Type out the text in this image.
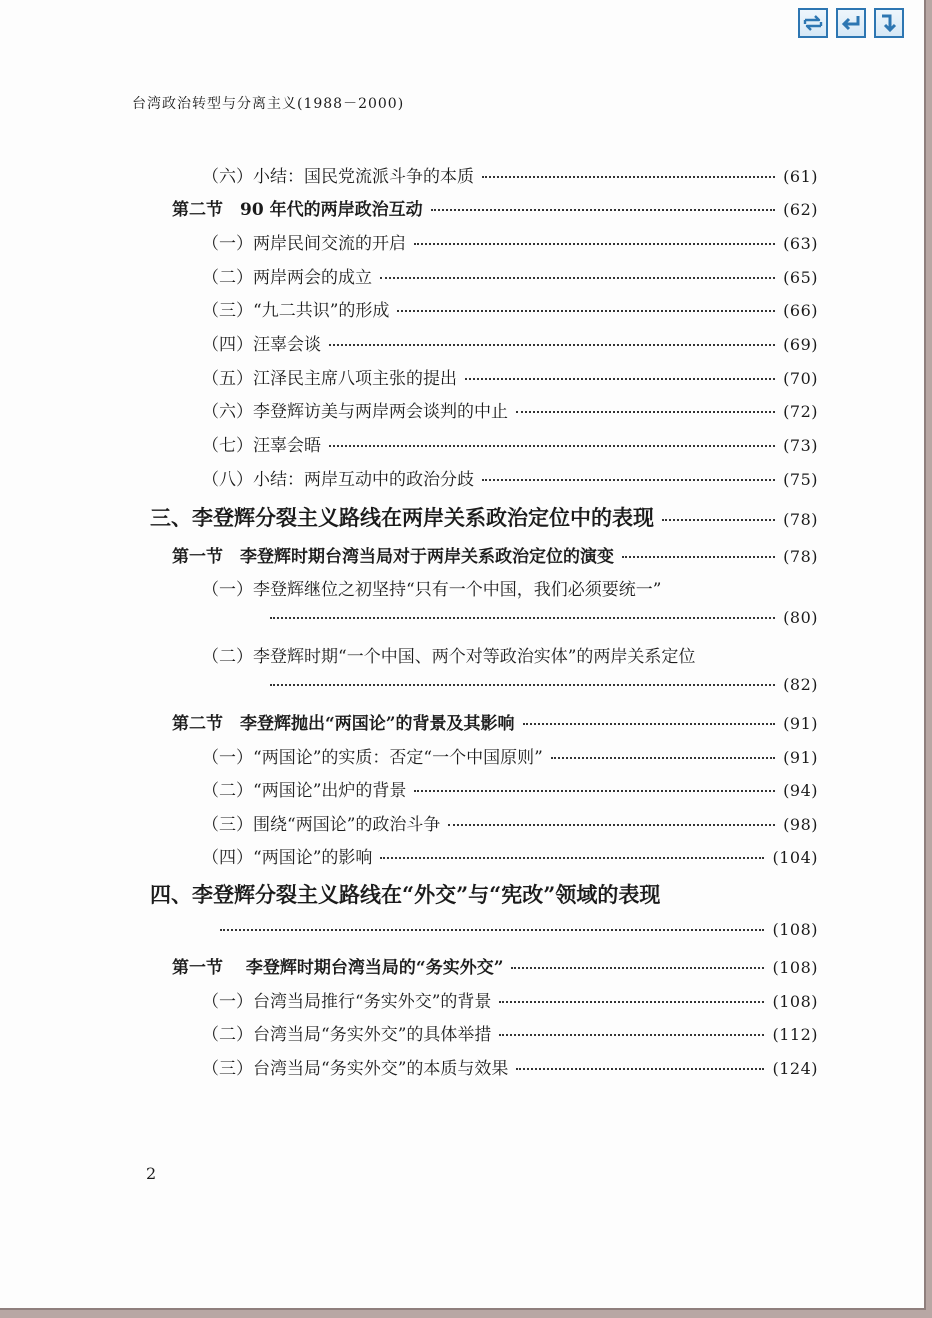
台湾政治转型与分离主义(1988－2000)
（六）小结：国民党流派斗争的本质	(61)
第二节　90 年代的两岸政治互动	(62)
（一）两岸民间交流的开启	(63)
（二）两岸两会的成立	(65)
（三）“九二共识”的形成	(66)
（四）汪辜会谈	(69)
（五）江泽民主席八项主张的提出	(70)
（六）李登辉访美与两岸两会谈判的中止	(72)
（七）汪辜会晤	(73)
（八）小结：两岸互动中的政治分歧	(75)
三、李登辉分裂主义路线在两岸关系政治定位中的表现	(78)
第一节　李登辉时期台湾当局对于两岸关系政治定位的演变	(78)
（一）李登辉继位之初坚持“只有一个中国，我们必须要统一”
(80)
（二）李登辉时期“一个中国、两个对等政治实体”的两岸关系定位
(82)
第二节　李登辉抛出“两国论”的背景及其影响	(91)
（一）“两国论”的实质：否定“一个中国原则”	(91)
（二）“两国论”出炉的背景	(94)
（三）围绕“两国论”的政治斗争	(98)
（四）“两国论”的影响	(104)
四、李登辉分裂主义路线在“外交”与“宪改”领域的表现
(108)
第一节　 李登辉时期台湾当局的“务实外交”	(108)
（一）台湾当局推行“务实外交”的背景	(108)
（二）台湾当局“务实外交”的具体举措	(112)
（三）台湾当局“务实外交”的本质与效果	(124)
2
